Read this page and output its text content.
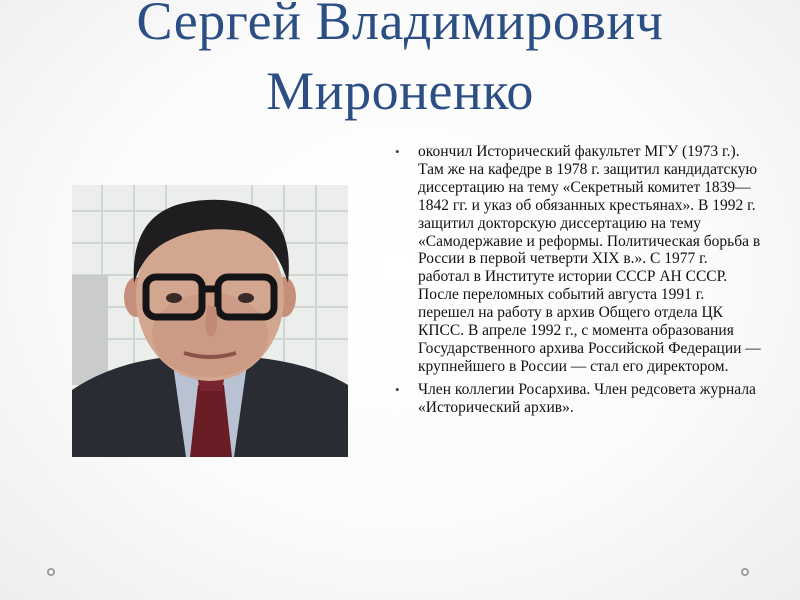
Сергей Владимирович
Мироненко
• окончил Исторический факультет МГУ (1973 г.). Там же на кафедре в 1978 г. защитил кандидатскую диссертацию на тему «Секретный комитет 1839—1842 гг. и указ об обязанных крестьянах». В 1992 г. защитил докторскую диссертацию на тему «Самодержавие и реформы. Политическая борьба в России в первой четверти XIX в.». С 1977 г. работал в Институте истории СССР АН СССР. После переломных событий августа 1991 г. перешел на работу в архив Общего отдела ЦК КПСС. В апреле 1992 г., с момента образования Государственного архива Российской Федерации — крупнейшего в России — стал его директором.
• Член коллегии Росархива. Член редсовета журнала «Исторический архив».
